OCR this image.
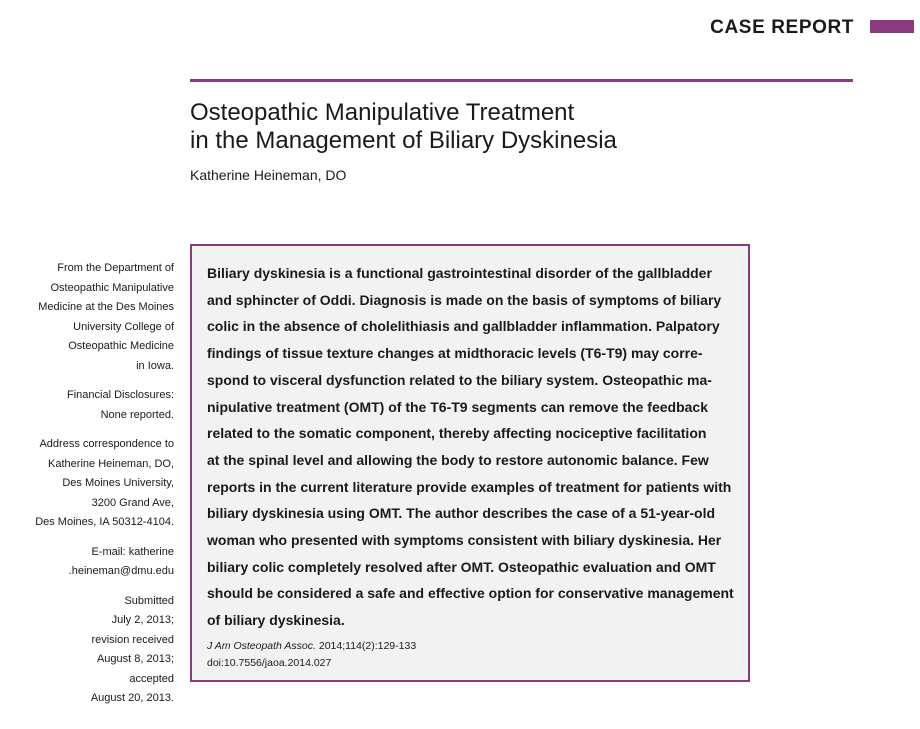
CASE REPORT
Osteopathic Manipulative Treatment
in the Management of Biliary Dyskinesia
Katherine Heineman, DO
From the Department of
Osteopathic Manipulative
Medicine at the Des Moines
University College of
Osteopathic Medicine
in Iowa.
Financial Disclosures:
None reported.
Address correspondence to
Katherine Heineman, DO,
Des Moines University,
3200 Grand Ave,
Des Moines, IA 50312-4104.
E-mail: katherine
.heineman@dmu.edu
Submitted
July 2, 2013;
revision received
August 8, 2013;
accepted
August 20, 2013.
Biliary dyskinesia is a functional gastrointestinal disorder of the gallbladder
and sphincter of Oddi. Diagnosis is made on the basis of symptoms of biliary
colic in the absence of cholelithiasis and gallbladder inflammation. Palpatory
findings of tissue texture changes at midthoracic levels (T6-T9) may corre-
spond to visceral dysfunction related to the biliary system. Osteopathic ma-
nipulative treatment (OMT) of the T6-T9 segments can remove the feedback
related to the somatic component, thereby affecting nociceptive facilitation
at the spinal level and allowing the body to restore autonomic balance. Few
reports in the current literature provide examples of treatment for patients with
biliary dyskinesia using OMT. The author describes the case of a 51-year-old
woman who presented with symptoms consistent with biliary dyskinesia. Her
biliary colic completely resolved after OMT. Osteopathic evaluation and OMT
should be considered a safe and effective option for conservative management
of biliary dyskinesia.
J Am Osteopath Assoc. 2014;114(2):129-133
doi:10.7556/jaoa.2014.027
